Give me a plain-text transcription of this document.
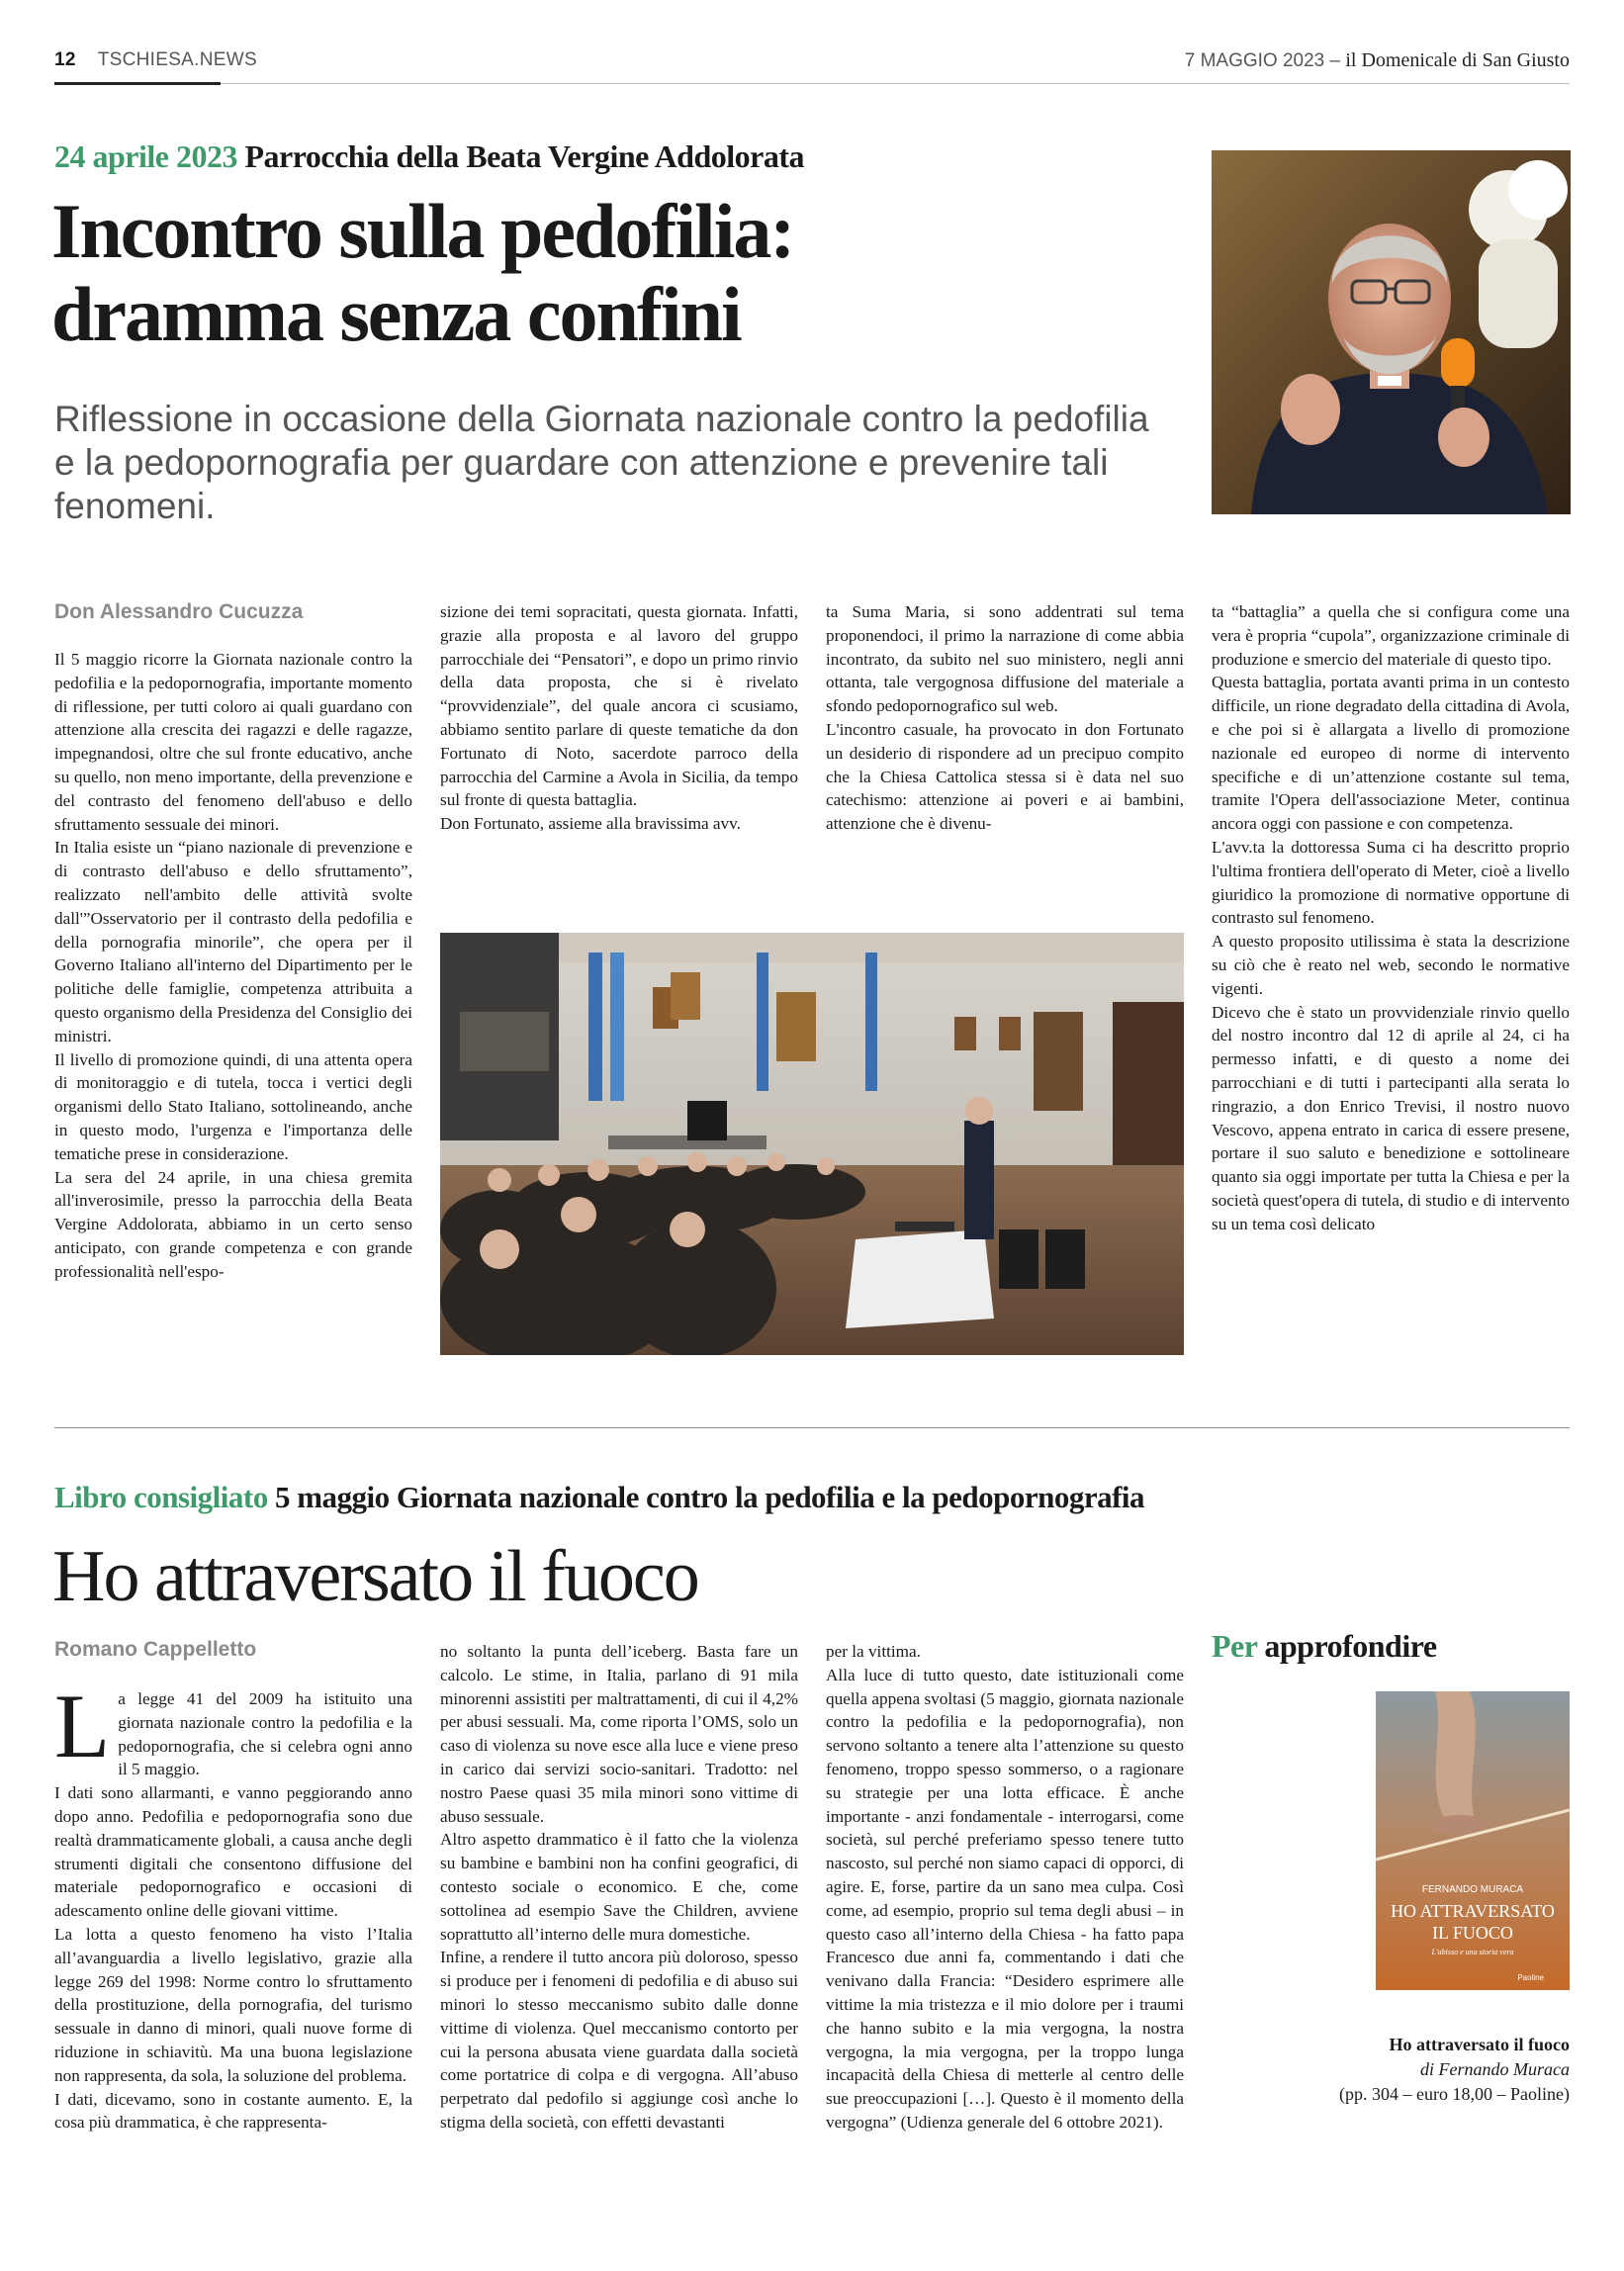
12 TSCHIESA.NEWS	7 MAGGIO 2023 – il Domenicale di San Giusto
24 aprile 2023 Parrocchia della Beata Vergine Addolorata
Incontro sulla pedofilia:
dramma senza confini
Riflessione in occasione della Giornata nazionale contro la pedofilia e la pedopornografia per guardare con attenzione e prevenire tali fenomeni.
Don Alessandro Cucuzza

Il 5 maggio ricorre la Giornata nazionale contro la pedofilia e la pedopornografia, importante momento di riflessione, per tutti coloro ai quali guardano con attenzione alla crescita dei ragazzi e delle ragazze, impegnandosi, oltre che sul fronte educativo, anche su quello, non meno importante, della prevenzione e del contrasto del fenomeno dell'abuso e dello sfruttamento sessuale dei minori.

In Italia esiste un “piano nazionale di prevenzione e di contrasto dell'abuso e dello sfruttamento”, realizzato nell'ambito delle attività svolte dall'”Osservatorio per il contrasto della pedofilia e della pornografia minorile”, che opera per il Governo Italiano all'interno del Dipartimento per le politiche delle famiglie, competenza attribuita a questo organismo della Presidenza del Consiglio dei ministri.

Il livello di promozione quindi, di una attenta opera di monitoraggio e di tutela, tocca i vertici degli organismi dello Stato Italiano, sottolineando, anche in questo modo, l'urgenza e l'importanza delle tematiche prese in considerazione.

La sera del 24 aprile, in una chiesa gremita all'inverosimile, presso la parrocchia della Beata Vergine Addolorata, abbiamo in un certo senso anticipato, con grande competenza e con grande professionalità nell'espo-

sizione dei temi sopracitati, questa giornata. Infatti, grazie alla proposta e al lavoro del gruppo parrocchiale dei “Pensatori”, e dopo un primo rinvio della data proposta, che si è rivelato “provvidenziale”, del quale ancora ci scusiamo, abbiamo sentito parlare di queste tematiche da don Fortunato di Noto, sacerdote parroco della parrocchia del Carmine a Avola in Sicilia, da tempo sul fronte di questa battaglia.

Don Fortunato, assieme alla bravissima avv.

ta Suma Maria, si sono addentrati sul tema proponendoci, il primo la narrazione di come abbia incontrato, da subito nel suo ministero, negli anni ottanta, tale vergognosa diffusione del materiale a sfondo pedopornografico sul web.

L'incontro casuale, ha provocato in don Fortunato un desiderio di rispondere ad un precipuo compito che la Chiesa Cattolica stessa si è data nel suo catechismo: attenzione ai poveri e ai bambini, attenzione che è divenu-

ta “battaglia” a quella che si configura come una vera è propria “cupola”, organizzazione criminale di produzione e smercio del materiale di questo tipo.

Questa battaglia, portata avanti prima in un contesto difficile, un rione degradato della cittadina di Avola, e che poi si è allargata a livello di promozione nazionale ed europeo di norme di intervento specifiche e di un’attenzione costante sul tema, tramite l'Opera dell'associazione Meter, continua ancora oggi con passione e con competenza.

L'avv.ta la dottoressa Suma ci ha descritto proprio l'ultima frontiera dell'operato di Meter, cioè a livello giuridico la promozione di normative opportune di contrasto sul fenomeno.

A questo proposito utilissima è stata la descrizione su ciò che è reato nel web, secondo le normative vigenti.

Dicevo che è stato un provvidenziale rinvio quello del nostro incontro dal 12 di aprile al 24, ci ha permesso infatti, e di questo a nome dei parrocchiani e di tutti i partecipanti alla serata lo ringrazio, a don Enrico Trevisi, il nostro nuovo Vescovo, appena entrato in carica di essere presene, portare il suo saluto e benedizione e sottolineare quanto sia oggi importate per tutta la Chiesa e per la società quest'opera di tutela, di studio e di intervento su un tema così delicato

Libro consigliato 5 maggio Giornata nazionale contro la pedofilia e la pedopornografia
Ho attraversato il fuoco
Romano Cappelletto

La legge 41 del 2009 ha istituito una giornata nazionale contro la pedofilia e la pedopornografia, che si celebra ogni anno il 5 maggio.

I dati sono allarmanti, e vanno peggiorando anno dopo anno. Pedofilia e pedopornografia sono due realtà drammaticamente globali, a causa anche degli strumenti digitali che consentono diffusione del materiale pedopornografico e occasioni di adescamento online delle giovani vittime.

La lotta a questo fenomeno ha visto l’Italia all’avanguardia a livello legislativo, grazie alla legge 269 del 1998: Norme contro lo sfruttamento della prostituzione, della pornografia, del turismo sessuale in danno di minori, quali nuove forme di riduzione in schiavitù. Ma una buona legislazione non rappresenta, da sola, la soluzione del problema.

I dati, dicevamo, sono in costante aumento. E, la cosa più drammatica, è che rappresenta-

no soltanto la punta dell’iceberg. Basta fare un calcolo. Le stime, in Italia, parlano di 91 mila minorenni assistiti per maltrattamenti, di cui il 4,2% per abusi sessuali. Ma, come riporta l’OMS, solo un caso di violenza su nove esce alla luce e viene preso in carico dai servizi socio-sanitari. Tradotto: nel nostro Paese quasi 35 mila minori sono vittime di abuso sessuale.

Altro aspetto drammatico è il fatto che la violenza su bambine e bambini non ha confini geografici, di contesto sociale o economico. E che, come sottolinea ad esempio Save the Children, avviene soprattutto all’interno delle mura domestiche.

Infine, a rendere il tutto ancora più doloroso, spesso si produce per i fenomeni di pedofilia e di abuso sui minori lo stesso meccanismo subito dalle donne vittime di violenza. Quel meccanismo contorto per cui la persona abusata viene guardata dalla società come portatrice di colpa e di vergogna. All’abuso perpetrato dal pedofilo si aggiunge così anche lo stigma della società, con effetti devastanti

per la vittima.

Alla luce di tutto questo, date istituzionali come quella appena svoltasi (5 maggio, giornata nazionale contro la pedofilia e la pedopornografia), non servono soltanto a tenere alta l’attenzione su questo fenomeno, troppo spesso sommerso, o a ragionare su strategie per una lotta efficace. È anche importante - anzi fondamentale - interrogarsi, come società, sul perché preferiamo spesso tenere tutto nascosto, sul perché non siamo capaci di opporci, di agire. E, forse, partire da un sano mea culpa. Così come, ad esempio, proprio sul tema degli abusi – in questo caso all’interno della Chiesa - ha fatto papa Francesco due anni fa, commentando i dati che venivano dalla Francia: “Desidero esprimere alle vittime la mia tristezza e il mio dolore per i traumi che hanno subito e la mia vergogna, la nostra vergogna, la mia vergogna, per la troppo lunga incapacità della Chiesa di metterle al centro delle sue preoccupazioni […]. Questo è il momento della vergogna” (Udienza generale del 6 ottobre 2021).

Per approfondire
FERNANDO MURACA
HO ATTRAVERSATO
IL FUOCO
L'abisso e una storia vera
Paoline
Ho attraversato il fuoco
di Fernando Muraca
(pp. 304 – euro 18,00 – Paoline)
